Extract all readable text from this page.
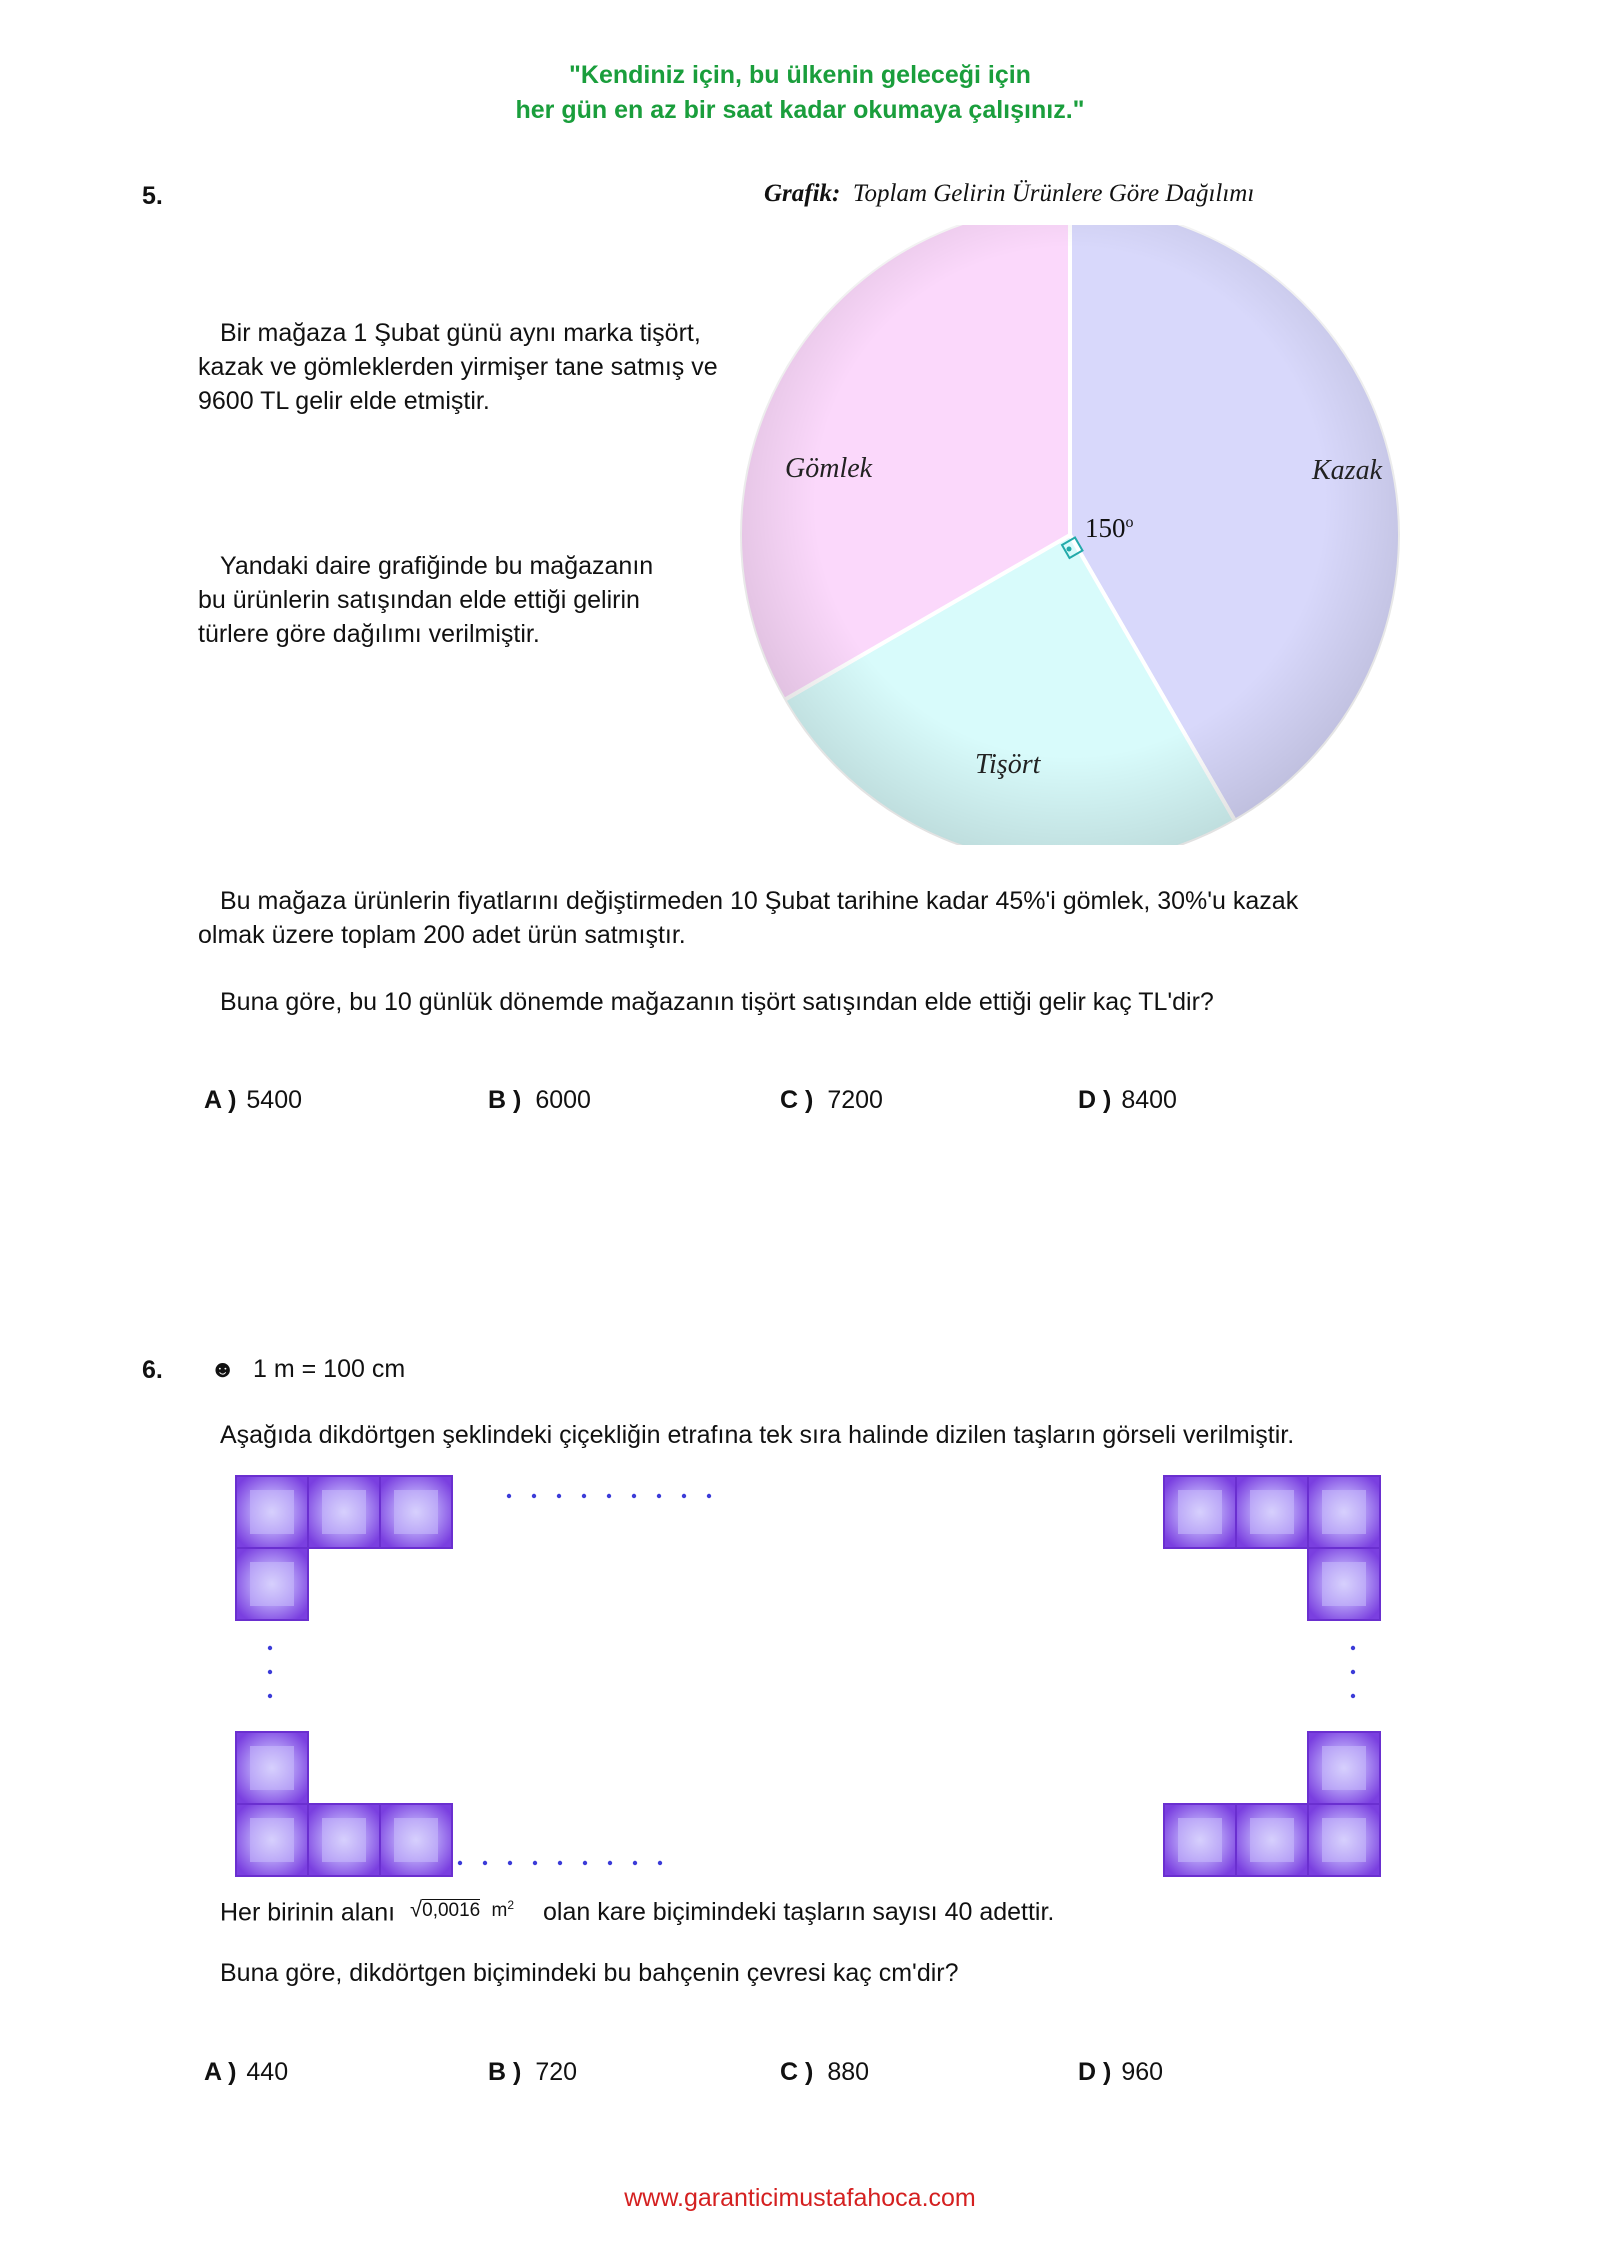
"Kendiniz için, bu ülkenin geleceği için
her gün en az bir saat kadar okumaya çalışınız."
5.	Grafik: Toplam Gelirin Ürünlere Göre Dağılımı
Bir mağaza 1 Şubat günü aynı marka tişört,
kazak ve gömleklerden yirmişer tane satmış ve
9600 TL gelir elde etmiştir.
Yandaki daire grafiğinde bu mağazanın
bu ürünlerin satışından elde ettiği gelirin
türlere göre dağılımı verilmiştir.
150$^o$
Kazak
Tişört
Gömlek
Bu mağaza ürünlerin fiyatlarını değiştirmeden 10 Şubat tarihine kadar 45%'i gömlek, 30%'u kazak
olmak üzere toplam 200 adet ürün satmıştır.
Buna göre, bu 10 günlük dönemde mağazanın tişört satışından elde ettiği gelir kaç TL'dir?
A ) 5400	B ) 6000	C ) 7200	D ) 8400
6. ☻ 1 m = 100 cm
Aşağıda dikdörtgen şeklindeki çiçekliğin etrafına tek sıra halinde dizilen taşların görseli verilmiştir.
Her birinin alanı √0,0016 $m^2$ olan kare biçimindeki taşların sayısı 40 adettir.
Buna göre, dikdörtgen biçimindeki bu bahçenin çevresi kaç cm'dir?
A ) 440	B ) 720	C ) 880	D ) 960
www.garanticimustafahoca.com
